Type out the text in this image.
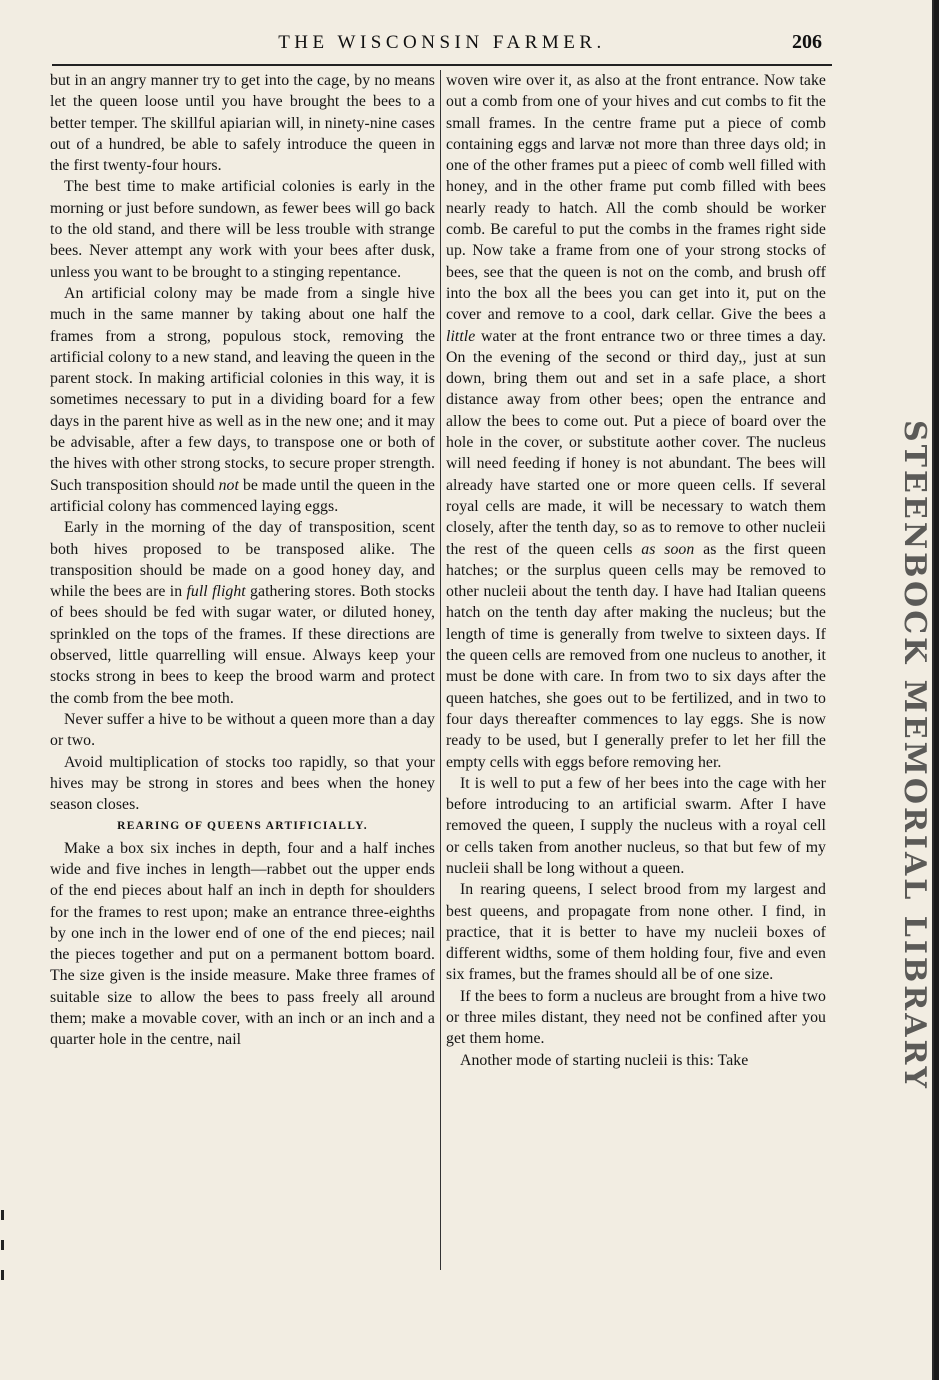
THE WISCONSIN FARMER.	206

but in an angry manner try to get into the cage, by no means let the queen loose until you have brought the bees to a better temper. The skillful apiarian will, in ninety-nine cases out of a hundred, be able to safely introduce the queen in the first twenty-four hours.

The best time to make artificial colonies is early in the morning or just before sundown, as fewer bees will go back to the old stand, and there will be less trouble with strange bees. Never attempt any work with your bees after dusk, unless you want to be brought to a stinging repentance.

An artificial colony may be made from a single hive much in the same manner by taking about one half the frames from a strong, populous stock, removing the artificial colony to a new stand, and leaving the queen in the parent stock. In making artificial colonies in this way, it is sometimes necessary to put in a dividing board for a few days in the parent hive as well as in the new one; and it may be advisable, after a few days, to transpose one or both of the hives with other strong stocks, to secure proper strength. Such transposition should not be made until the queen in the artificial colony has commenced laying eggs.

Early in the morning of the day of transposition, scent both hives proposed to be transposed alike. The transposition should be made on a good honey day, and while the bees are in full flight gathering stores. Both stocks of bees should be fed with sugar water, or diluted honey, sprinkled on the tops of the frames. If these directions are observed, little quarrelling will ensue. Always keep your stocks strong in bees to keep the brood warm and protect the comb from the bee moth.

Never suffer a hive to be without a queen more than a day or two.

Avoid multiplication of stocks too rapidly, so that your hives may be strong in stores and bees when the honey season closes.

REARING OF QUEENS ARTIFICIALLY.

Make a box six inches in depth, four and a half inches wide and five inches in length—rabbet out the upper ends of the end pieces about half an inch in depth for shoulders for the frames to rest upon; make an entrance three-eighths by one inch in the lower end of one of the end pieces; nail the pieces together and put on a permanent bottom board. The size given is the inside measure. Make three frames of suitable size to allow the bees to pass freely all around them; make a movable cover, with an inch or an inch and a quarter hole in the centre, nail

woven wire over it, as also at the front entrance. Now take out a comb from one of your hives and cut combs to fit the small frames. In the centre frame put a piece of comb containing eggs and larvæ not more than three days old; in one of the other frames put a pieec of comb well filled with honey, and in the other frame put comb filled with bees nearly ready to hatch. All the comb should be worker comb. Be careful to put the combs in the frames right side up. Now take a frame from one of your strong stocks of bees, see that the queen is not on the comb, and brush off into the box all the bees you can get into it, put on the cover and remove to a cool, dark cellar. Give the bees a little water at the front entrance two or three times a day. On the evening of the second or third day,, just at sun down, bring them out and set in a safe place, a short distance away from other bees; open the entrance and allow the bees to come out. Put a piece of board over the hole in the cover, or substitute aother cover. The nucleus will need feeding if honey is not abundant. The bees will already have started one or more queen cells. If several royal cells are made, it will be necessary to watch them closely, after the tenth day, so as to remove to other nucleii the rest of the queen cells as soon as the first queen hatches; or the surplus queen cells may be removed to other nucleii about the tenth day. I have had Italian queens hatch on the tenth day after making the nucleus; but the length of time is generally from twelve to sixteen days. If the queen cells are removed from one nucleus to another, it must be done with care. In from two to six days after the queen hatches, she goes out to be fertilized, and in two to four days thereafter commences to lay eggs. She is now ready to be used, but I generally prefer to let her fill the empty cells with eggs before removing her.

It is well to put a few of her bees into the cage with her before introducing to an artificial swarm. After I have removed the queen, I supply the nucleus with a royal cell or cells taken from another nucleus, so that but few of my nucleii shall be long without a queen.

In rearing queens, I select brood from my largest and best queens, and propagate from none other. I find, in practice, that it is better to have my nucleii boxes of different widths, some of them holding four, five and even six frames, but the frames should all be of one size.

If the bees to form a nucleus are brought from a hive two or three miles distant, they need not be confined after you get them home.

Another mode of starting nucleii is this: Take	STEENBOCK MEMORIAL LIBRARY
